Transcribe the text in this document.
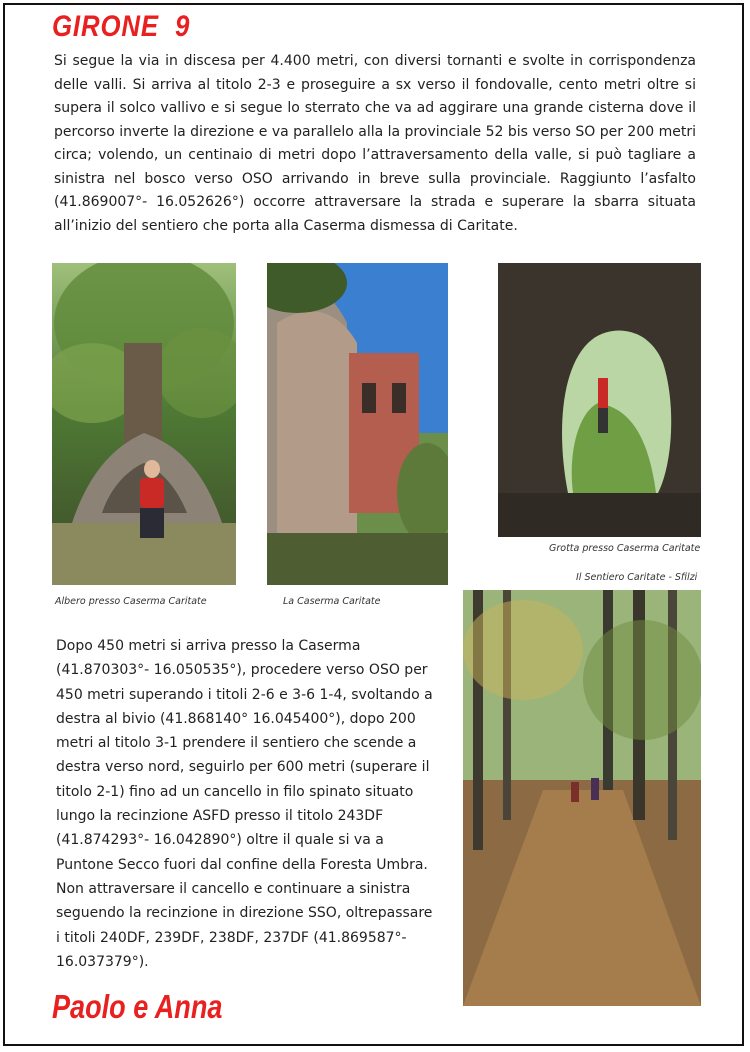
GIRONE  9

Si segue la via in discesa per 4.400 metri, con diversi tornanti e svolte in corrispondenza delle valli. Si arriva al titolo 2-3 e proseguire a sx verso il fondovalle, cento metri oltre si supera il solco vallivo e si segue lo sterrato che va ad aggirare una grande cisterna dove il percorso inverte la direzione e va parallelo alla la provinciale 52 bis verso SO per 200 metri circa; volendo, un centinaio di metri dopo l’attraversamento della valle, si può tagliare a sinistra nel bosco verso OSO arrivando in breve sulla provinciale. Raggiunto l’asfalto (41.869007°- 16.052626°) occorre attraversare la strada e superare la sbarra situata all’inizio del sentiero che porta alla Caserma dismessa di Caritate.

Albero presso Caserma Caritate	La Caserma Caritate

Grotta presso Caserma Caritate

Il Sentiero Caritate - Sfilzi

Dopo 450 metri si arriva presso la Caserma (41.870303°- 16.050535°), procedere verso OSO per 450 metri superando i titoli 2-6 e 3-6 1-4, svoltando a destra al bivio (41.868140° 16.045400°), dopo 200 metri al titolo 3-1 prendere il sentiero che scende a destra verso nord, seguirlo per 600 metri (superare il titolo 2-1) fino ad un cancello in filo spinato situato lungo la recinzione ASFD presso il titolo 243DF (41.874293°- 16.042890°) oltre il quale si va a Puntone Secco fuori dal confine della Foresta Umbra. Non attraversare il cancello e continuare a sinistra seguendo la recinzione in direzione SSO, oltrepassare i titoli 240DF, 239DF, 238DF, 237DF (41.869587°- 16.037379°).

Paolo e Anna
